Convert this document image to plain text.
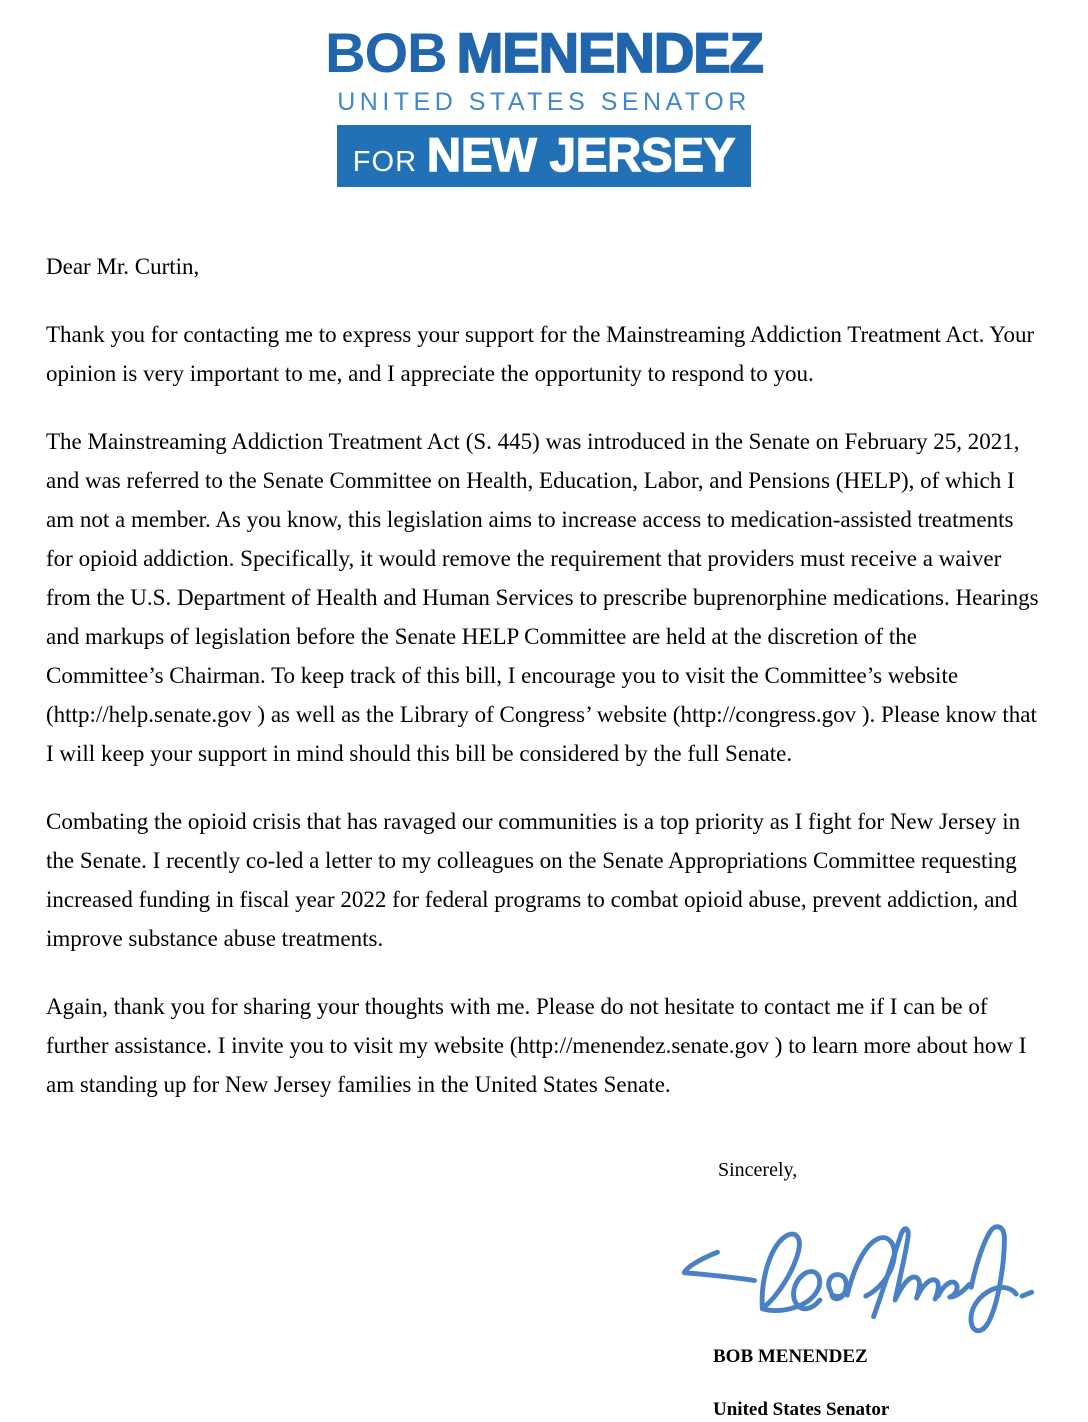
BOB MENENDEZ
UNITED STATES SENATOR
FOR NEW JERSEY

Dear Mr. Curtin,

Thank you for contacting me to express your support for the Mainstreaming Addiction Treatment Act. Your opinion is very important to me, and I appreciate the opportunity to respond to you.

The Mainstreaming Addiction Treatment Act (S. 445) was introduced in the Senate on February 25, 2021, and was referred to the Senate Committee on Health, Education, Labor, and Pensions (HELP), of which I am not a member. As you know, this legislation aims to increase access to medication-assisted treatments for opioid addiction. Specifically, it would remove the requirement that providers must receive a waiver from the U.S. Department of Health and Human Services to prescribe buprenorphine medications. Hearings and markups of legislation before the Senate HELP Committee are held at the discretion of the Committee’s Chairman. To keep track of this bill, I encourage you to visit the Committee’s website (http://help.senate.gov ) as well as the Library of Congress’ website (http://congress.gov ). Please know that I will keep your support in mind should this bill be considered by the full Senate.

Combating the opioid crisis that has ravaged our communities is a top priority as I fight for New Jersey in the Senate. I recently co-led a letter to my colleagues on the Senate Appropriations Committee requesting increased funding in fiscal year 2022 for federal programs to combat opioid abuse, prevent addiction, and improve substance abuse treatments.

Again, thank you for sharing your thoughts with me. Please do not hesitate to contact me if I can be of further assistance. I invite you to visit my website (http://menendez.senate.gov ) to learn more about how I am standing up for New Jersey families in the United States Senate.

Sincerely,

BOB MENENDEZ

United States Senator
